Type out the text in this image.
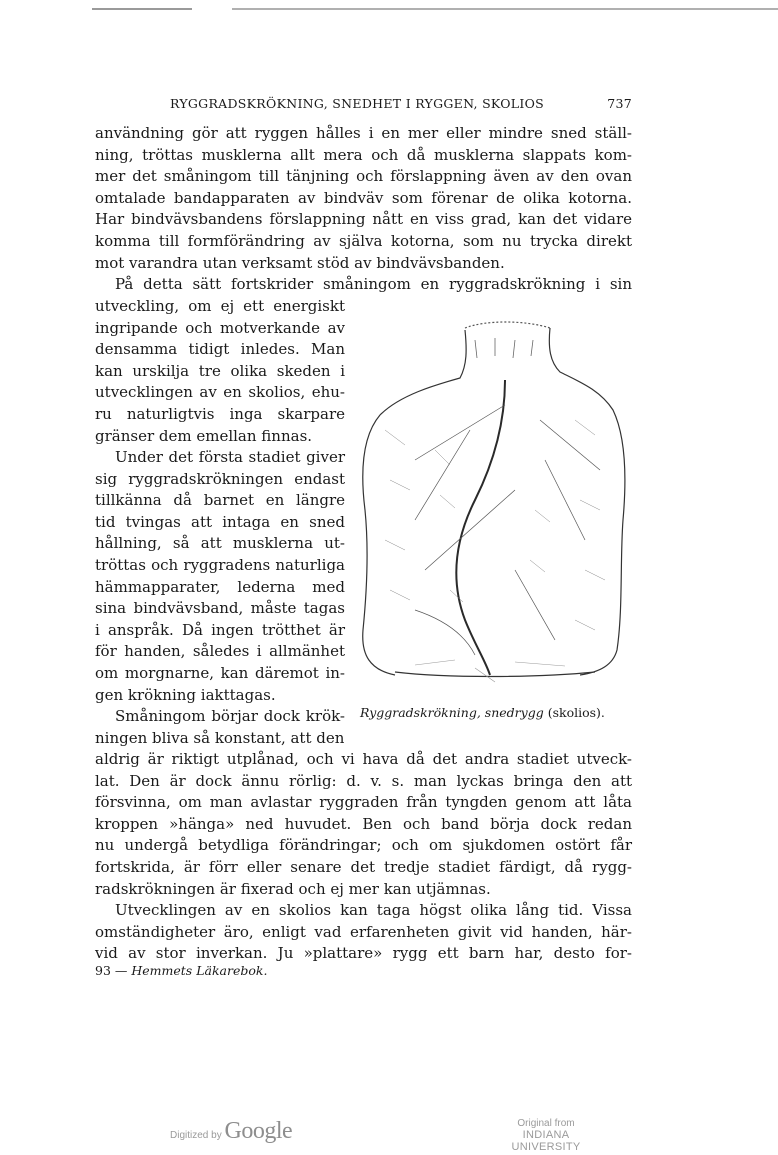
RYGGRADSKRÖKNING, SNEDHET I RYGGEN, SKOLIOS	737
användning gör att ryggen hålles i en mer eller mindre sned ställ-
ning, tröttas musklerna allt mera och då musklerna slappats kom-
mer det småningom till tänjning och förslappning även av den ovan
omtalade bandapparaten av bindväv som förenar de olika kotorna.
Har bindvävsbandens förslappning nått en viss grad, kan det vidare
komma till formförändring av själva kotorna, som nu trycka direkt
mot varandra utan verksamt stöd av bindvävsbanden.
På detta sätt fortskrider småningom en ryggradskrökning i sin
utveckling, om ej ett energiskt
ingripande och motverkande av
densamma tidigt inledes. Man
kan urskilja tre olika skeden i
utvecklingen av en skolios, ehu-
ru naturligtvis inga skarpare
gränser dem emellan finnas.
Under det första stadiet giver
sig ryggradskrökningen endast
tillkänna då barnet en längre
tid tvingas att intaga en sned
hållning, så att musklerna ut-
tröttas och ryggradens naturliga
hämmapparater, lederna med
sina bindvävsband, måste tagas
i anspråk. Då ingen trötthet är
för handen, således i allmänhet
om morgnarne, kan däremot in-
gen krökning iakttagas.
Småningom börjar dock krök-
ningen bliva så konstant, att den
aldrig är riktigt utplånad, och vi hava då det andra stadiet utveck-
lat. Den är dock ännu rörlig: d. v. s. man lyckas bringa den att
försvinna, om man avlastar ryggraden från tyngden genom att låta
kroppen »hänga» ned huvudet. Ben och band börja dock redan
nu undergå betydliga förändringar; och om sjukdomen ostört får
fortskrida, är förr eller senare det tredje stadiet färdigt, då rygg-
radskrökningen är fixerad och ej mer kan utjämnas.
Utvecklingen av en skolios kan taga högst olika lång tid. Vissa
omständigheter äro, enligt vad erfarenheten givit vid handen, här-
vid av stor inverkan. Ju »plattare» rygg ett barn har, desto for-
Ryggradskrökning, snedrygg (skolios).
93 — Hemmets Läkarebok.
Digitized by Google	Original from
INDIANA UNIVERSITY
